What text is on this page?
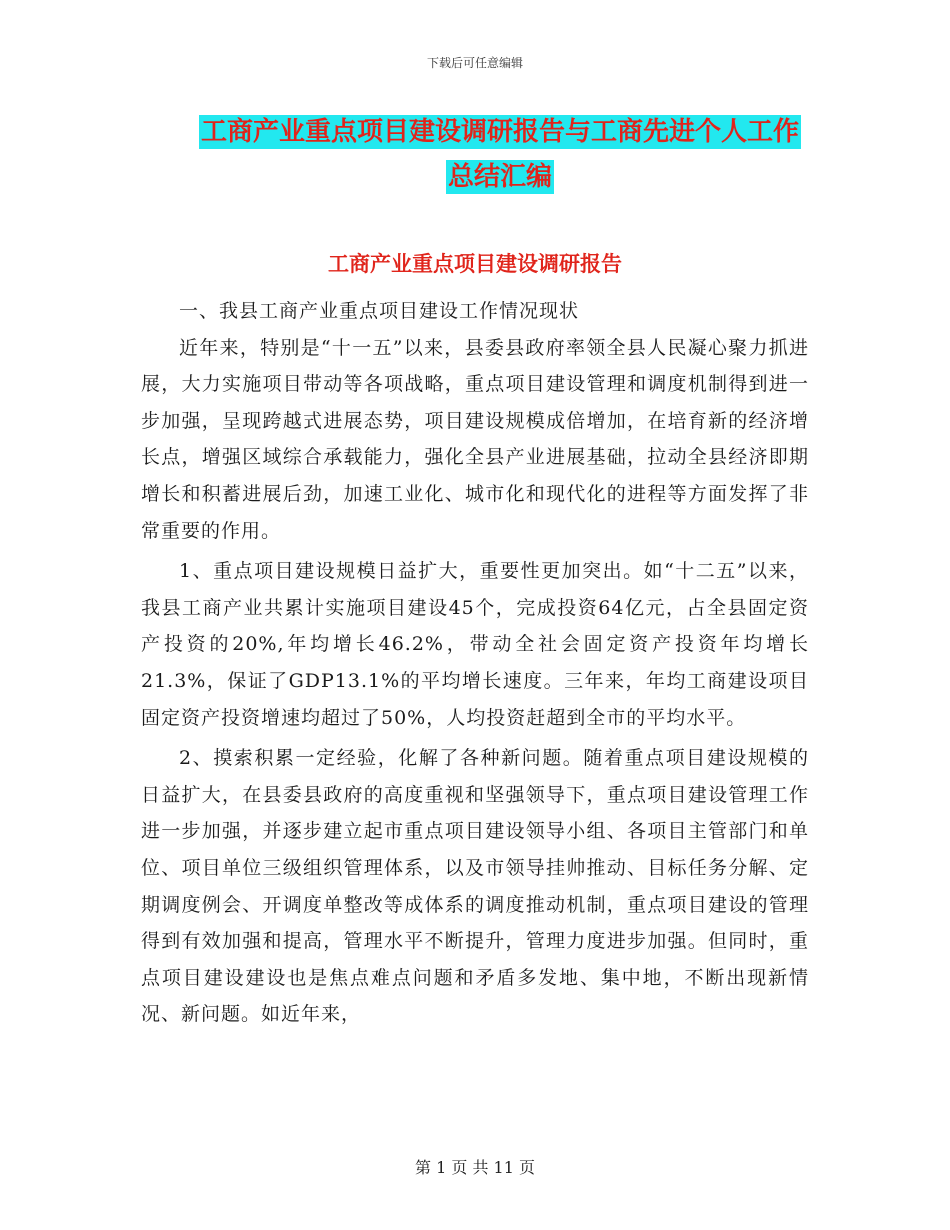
下载后可任意编辑
工商产业重点项目建设调研报告与工商先进个人工作
总结汇编
工商产业重点项目建设调研报告

一、我县工商产业重点项目建设工作情况现状

近年来，特别是“十一五”以来，县委县政府率领全县人民凝心聚力抓进展，大力实施项目带动等各项战略，重点项目建设管理和调度机制得到进一步加强，呈现跨越式进展态势，项目建设规模成倍增加，在培育新的经济增长点，增强区域综合承载能力，强化全县产业进展基础，拉动全县经济即期增长和积蓄进展后劲，加速工业化、城市化和现代化的进程等方面发挥了非常重要的作用。

1、重点项目建设规模日益扩大，重要性更加突出。如“十二五”以来，我县工商产业共累计实施项目建设45个，完成投资64亿元，占全县固定资产投资的20%,年均增长46.2%，带动全社会固定资产投资年均增长21.3%，保证了GDP13.1%的平均增长速度。三年来，年均工商建设项目固定资产投资增速均超过了50%，人均投资赶超到全市的平均水平。

2、摸索积累一定经验，化解了各种新问题。随着重点项目建设规模的日益扩大，在县委县政府的高度重视和坚强领导下，重点项目建设管理工作进一步加强，并逐步建立起市重点项目建设领导小组、各项目主管部门和单位、项目单位三级组织管理体系，以及市领导挂帅推动、目标任务分解、定期调度例会、开调度单整改等成体系的调度推动机制，重点项目建设的管理得到有效加强和提高，管理水平不断提升，管理力度进步加强。但同时，重点项目建设建设也是焦点难点问题和矛盾多发地、集中地，不断出现新情况、新问题。如近年来，

第 1 页 共 11 页
